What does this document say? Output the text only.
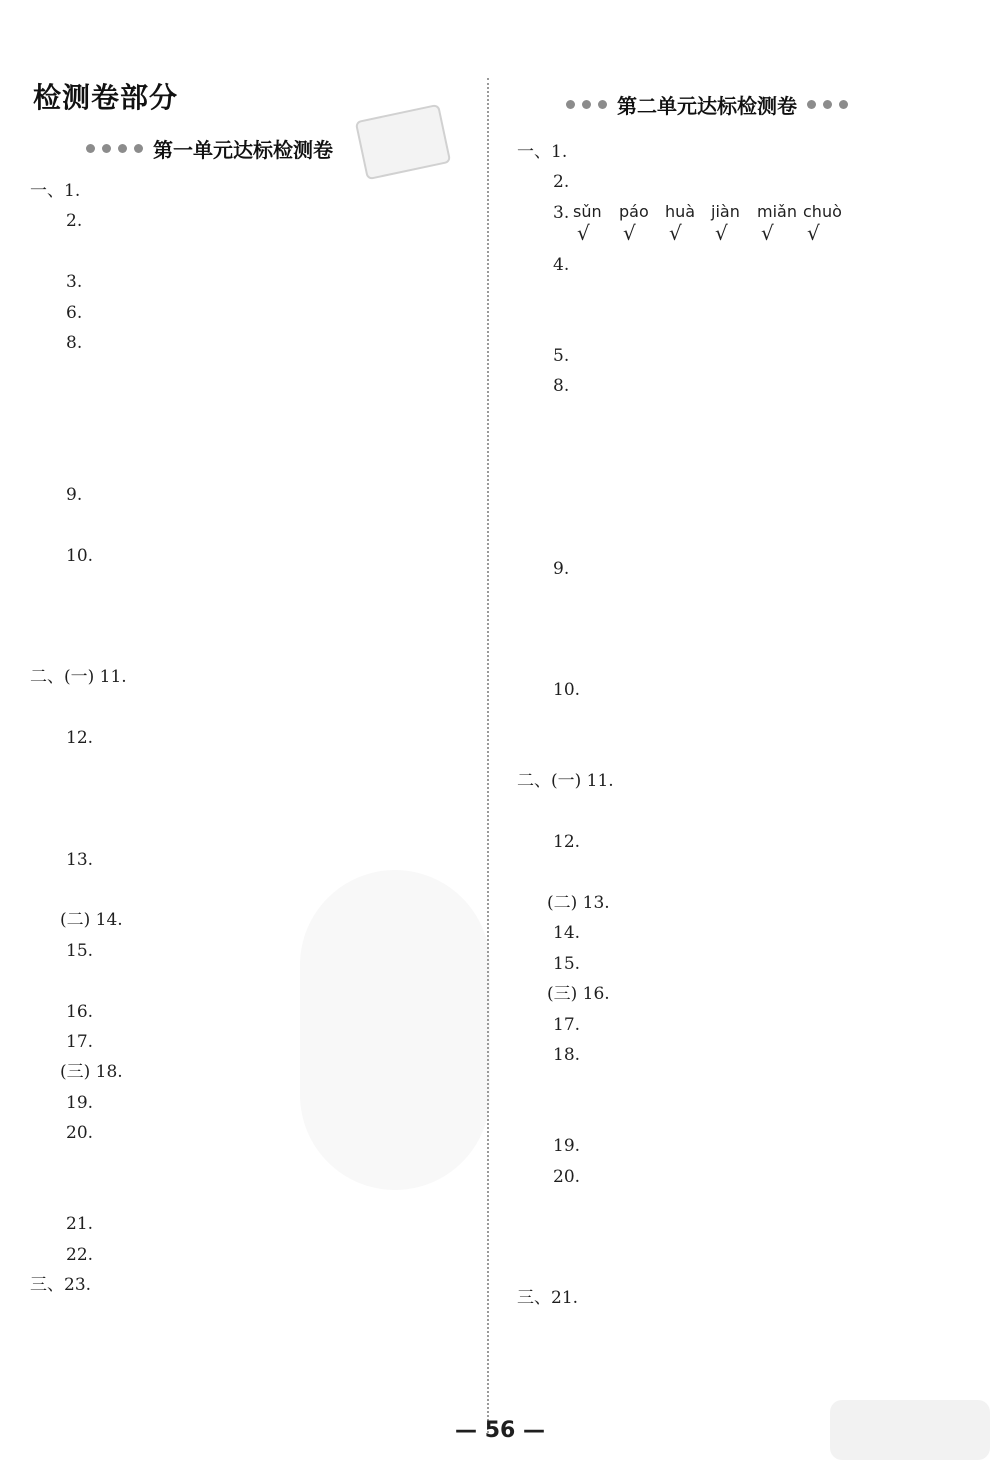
检测卷部分
第一单元达标检测卷
第二单元达标检测卷
一、1.
2.
3.
6.
8.
9.
10.
二、(一) 11.
12.
13.
(二) 14.
15.
16.
17.
(三) 18.
19.
20.
21.
22.
三、23.
一、1.
2.
3. sǔn páo huà jiàn miǎn chuò
√ √ √ √ √ √
4.
5.
8.
9.
10.
二、(一) 11.
12.
(二) 13.
14.
15.
(三) 16.
17.
18.
19.
20.
三、21.
— 56 —
